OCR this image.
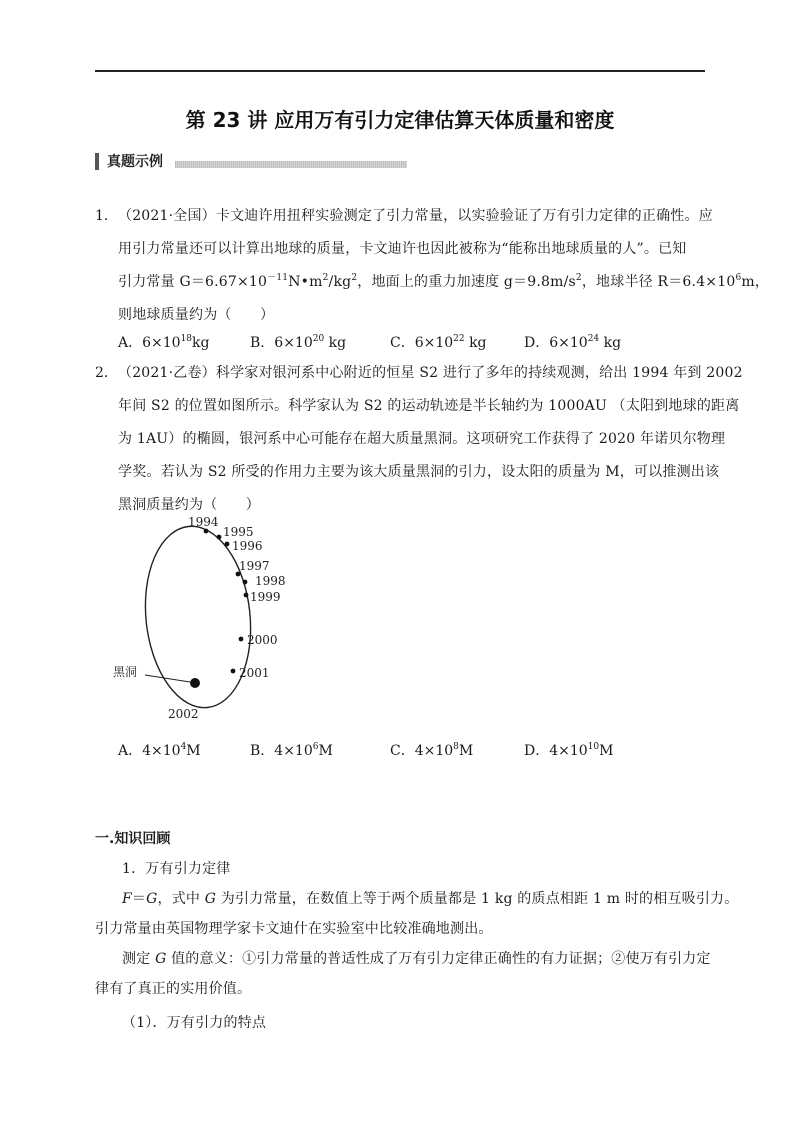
第 23 讲 应用万有引力定律估算天体质量和密度
真题示例
1． （2021·全国）卡文迪许用扭秤实验测定了引力常量，以实验验证了万有引力定律的正确性。应
用引力常量还可以计算出地球的质量，卡文迪许也因此被称为“能称出地球质量的人”。已知
引力常量 $G=6.67\times 10^{-11}N•m^2/kg^2$，地面上的重力加速度 $g=9.8m/s^2$，地球半径 $R=6.4\times 10^6m$，
则地球质量约为（　　）
A．$6\times 10^{18}kg$	B．$6\times 10^{20}$ kg	C．$6\times 10^{22}$ kg	D．$6\times 10^{24}$ kg
2． （2021·乙卷）科学家对银河系中心附近的恒星 S2 进行了多年的持续观测，给出 1994 年到 2002
年间 S2 的位置如图所示。科学家认为 S2 的运动轨迹是半长轴约为 1000AU （太阳到地球的距离
为 1AU）的椭圆，银河系中心可能存在超大质量黑洞。这项研究工作获得了 2020 年诺贝尔物理
学奖。若认为 S2 所受的作用力主要为该大质量黑洞的引力，设太阳的质量为 M，可以推测出该
黑洞质量约为（　　）
黑洞
1994
1995
1996
1997
1998
1999
2000
2001
2002
A．$4\times 10^4M$	B．$4\times 10^6M$	C．$4\times 10^8M$	D．$4\times 10^{10}M$
一.知识回顾
1．万有引力定律
F＝G，式中 G 为引力常量，在数值上等于两个质量都是 1 kg 的质点相距 1 m 时的相互吸引力。
引力常量由英国物理学家卡文迪什在实验室中比较准确地测出。
测定 G 值的意义：①引力常量的普适性成了万有引力定律正确性的有力证据；②使万有引力定
律有了真正的实用价值。
（1）．万有引力的特点
